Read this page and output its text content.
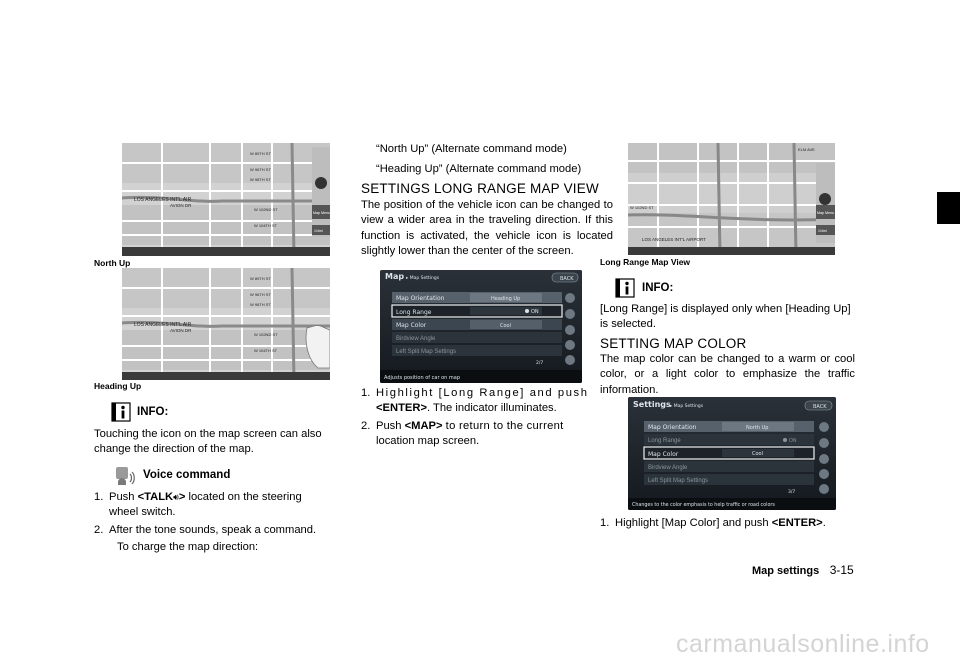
LOS ANGELES INT'L AIR
AVION DR
W 89TH ST
W 96TH ST
W 98TH ST
W 102ND ST
W 104TH ST
Map Menu
1/4mi
North Up
LOS ANGELES INT'L AIR
AVION DR
W 89TH ST
W 96TH ST
W 98TH ST
W 102ND ST
W 104TH ST
Heading Up
INFO:
Touching the icon on the map screen can also change the direction of the map.
Voice command
1. Push <TALK🔊︎> located on the steering
wheel switch.
2. After the tone sounds, speak a command.
To charge the map direction:
“North Up” (Alternate command mode)
“Heading Up” (Alternate command mode)
SETTINGS LONG RANGE MAP VIEW
The position of the vehicle icon can be changed to view a wider area in the traveling direction. If this function is activated, the vehicle icon is located slightly lower than the center of the screen.
Map ▸ Map Settings	BACK
Map Orientation
Long Range
Map Color
Birdview Angle
Left Split Map Settings
Heading Up
ON
Cool
2/7
Adjusts position of car on map
1. Highlight [Long Range] and push
<ENTER>. The indicator illuminates.
2. Push <MAP> to return to the current
location map screen.
ELM AVE
LOS ANGELES INT'L AIRPORT
W 102ND ST
Map Menu
1/4mi
Long Range Map View
INFO:
[Long Range] is displayed only when [Heading Up] is selected.
SETTING MAP COLOR
The map color can be changed to a warm or cool color, or a light color to emphasize the traffic information.
Settings ▸ Map Settings	BACK
Map Orientation
Long Range
Map Color
Birdview Angle
Left Split Map Settings
North Up
ON
Cool
3/7
Changes to the color emphasis to help traffic or road colors
1. Highlight [Map Color] and push <ENTER>.
Map settings 3-15
carmanualsonline.info
